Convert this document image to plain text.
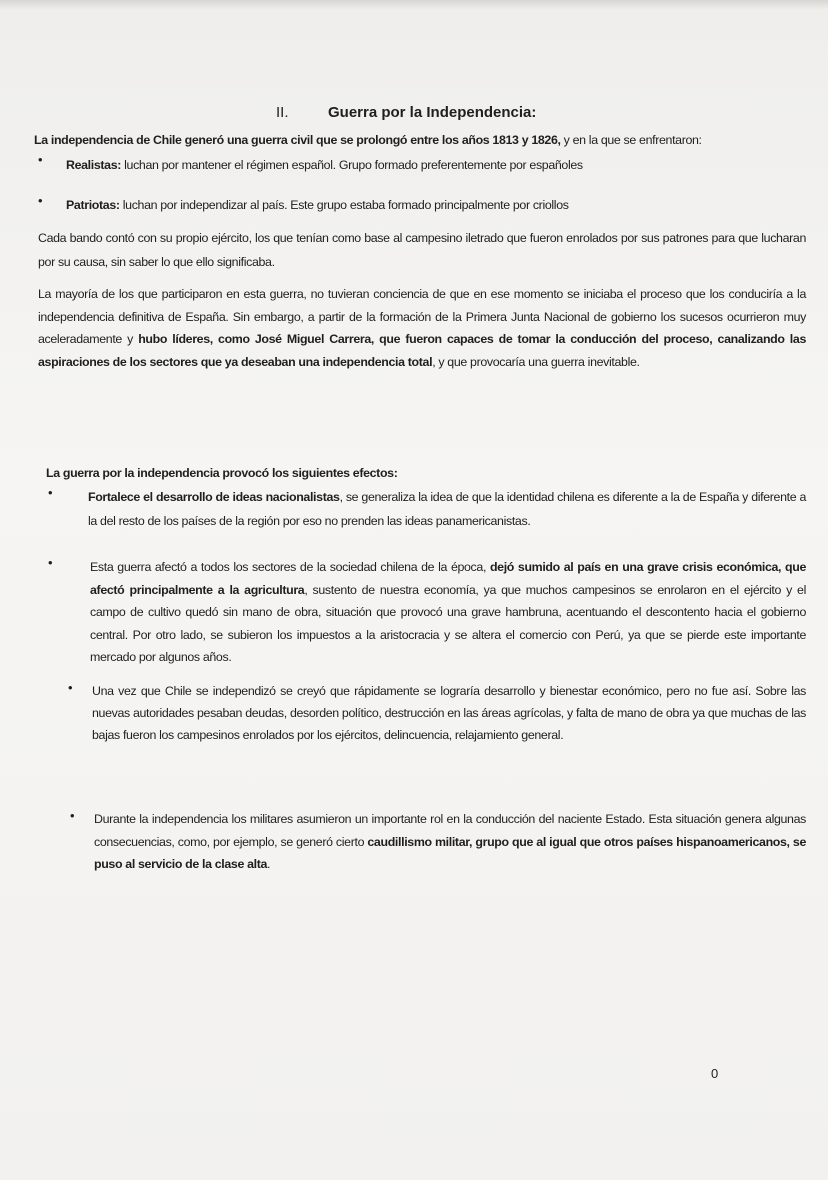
II.	Guerra por la Independencia:
La independencia de Chile generó una guerra civil que se prolongó entre los años 1813 y 1826, y en la que se enfrentaron:
• Realistas: luchan por mantener el régimen español. Grupo formado preferentemente por españoles
• Patriotas: luchan por independizar al país. Este grupo estaba formado principalmente por criollos
Cada bando contó con su propio ejército, los que tenían como base al campesino iletrado que fueron enrolados por sus patrones para que lucharan por su causa, sin saber lo que ello significaba.
La mayoría de los que participaron en esta guerra, no tuvieran conciencia de que en ese momento se iniciaba el proceso que los conduciría a la independencia definitiva de España. Sin embargo, a partir de la formación de la Primera Junta Nacional de gobierno los sucesos ocurrieron muy aceleradamente y hubo líderes, como José Miguel Carrera, que fueron capaces de tomar la conducción del proceso, canalizando las aspiraciones de los sectores que ya deseaban una independencia total, y que provocaría una guerra inevitable.
La guerra por la independencia provocó los siguientes efectos:
•	Fortalece el desarrollo de ideas nacionalistas, se generaliza la idea de que la identidad chilena es diferente a la de España y diferente a la del resto de los países de la región por eso no prenden las ideas panamericanistas.
•	Esta guerra afectó a todos los sectores de la sociedad chilena de la época, dejó sumido al país en una grave crisis económica, que afectó principalmente a la agricultura, sustento de nuestra economía, ya que muchos campesinos se enrolaron en el ejército y el campo de cultivo quedó sin mano de obra, situación que provocó una grave hambruna, acentuando el descontento hacia el gobierno central. Por otro lado, se subieron los impuestos a la aristocracia y se altera el comercio con Perú, ya que se pierde este importante mercado por algunos años.
• Una vez que Chile se independizó se creyó que rápidamente se lograría desarrollo y bienestar económico, pero no fue así. Sobre las nuevas autoridades pesaban deudas, desorden político, destrucción en las áreas agrícolas, y falta de mano de obra ya que muchas de las bajas fueron los campesinos enrolados por los ejércitos, delincuencia, relajamiento general.
• Durante la independencia los militares asumieron un importante rol en la conducción del naciente Estado. Esta situación genera algunas consecuencias, como, por ejemplo, se generó cierto caudillismo militar, grupo que al igual que otros países hispanoamericanos, se puso al servicio de la clase alta.
0
